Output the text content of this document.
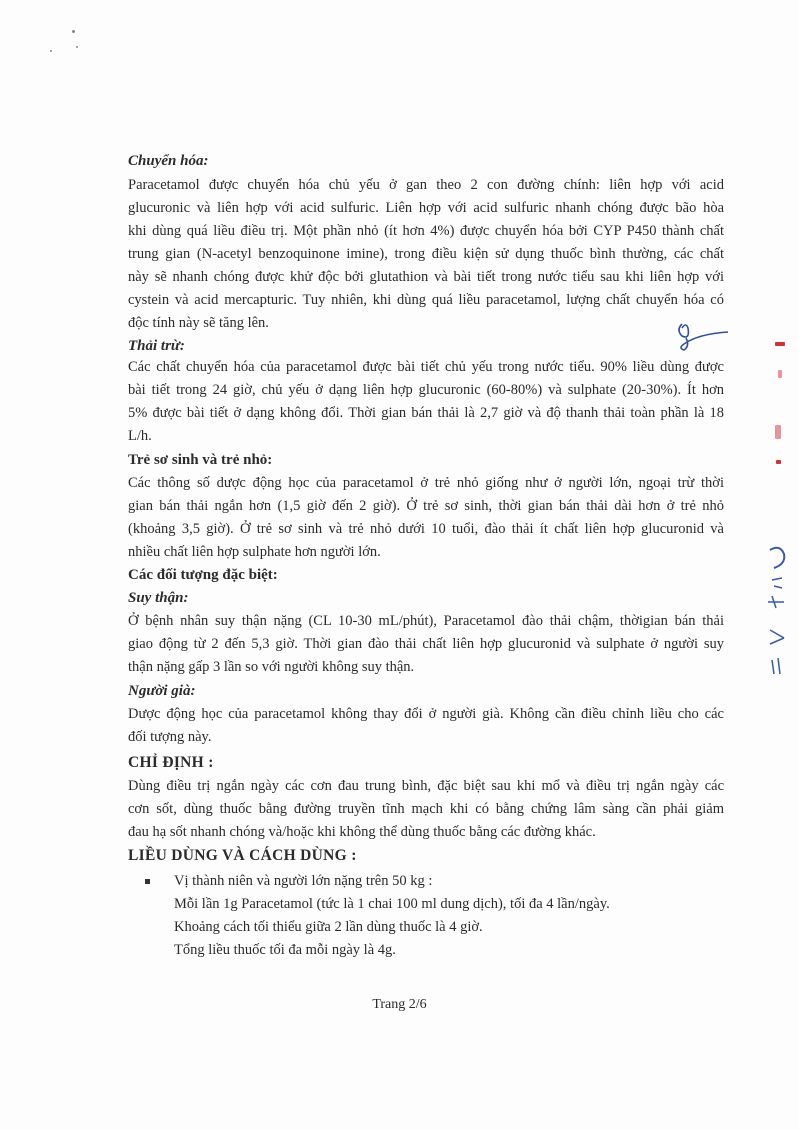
Chuyển hóa:

Paracetamol được chuyển hóa chủ yếu ở gan theo 2 con đường chính: liên hợp với acid
glucuronic và liên hợp với acid sulfuric. Liên hợp với acid sulfuric nhanh chóng được bão hòa
khi dùng quá liều điều trị. Một phần nhỏ (ít hơn 4%) được chuyển hóa bởi CYP P450 thành chất
trung gian (N-acetyl benzoquinone imine), trong điều kiện sử dụng thuốc bình thường, các chất
này sẽ nhanh chóng được khử độc bởi glutathion và bài tiết trong nước tiểu sau khi liên hợp với
cystein và acid mercapturic. Tuy nhiên, khi dùng quá liều paracetamol, lượng chất chuyển hóa có
độc tính này sẽ tăng lên.

Thải trừ:

Các chất chuyển hóa của paracetamol được bài tiết chủ yếu trong nước tiểu. 90% liều dùng được
bài tiết trong 24 giờ, chủ yếu ở dạng liên hợp glucuronic (60-80%) và sulphate (20-30%). Ít hơn
5% được bài tiết ở dạng không đổi. Thời gian bán thải là 2,7 giờ và độ thanh thải toàn phần là 18
L/h.

Trẻ sơ sinh và trẻ nhỏ:

Các thông số dược động học của paracetamol ở trẻ nhỏ giống như ở người lớn, ngoại trừ thời
gian bán thải ngắn hơn (1,5 giờ đến 2 giờ). Ở trẻ sơ sinh, thời gian bán thải dài hơn ở trẻ nhỏ
(khoảng 3,5 giờ). Ở trẻ sơ sinh và trẻ nhỏ dưới 10 tuổi, đào thải ít chất liên hợp glucuronid và
nhiều chất liên hợp sulphate hơn người lớn.

Các đối tượng đặc biệt:

Suy thận:

Ở bệnh nhân suy thận nặng (CL 10-30 mL/phút), Paracetamol đào thải chậm, thờigian bán thải
giao động từ 2 đến 5,3 giờ. Thời gian đào thải chất liên hợp glucuronid và sulphate ở người suy
thận nặng gấp 3 lần so với người không suy thận.

Người già:

Dược động học của paracetamol không thay đổi ở người già. Không cần điều chỉnh liều cho các
đối tượng này.

CHỈ ĐỊNH :

Dùng điều trị ngắn ngày các cơn đau trung bình, đặc biệt sau khi mổ và điều trị ngắn ngày các
cơn sốt, dùng thuốc bằng đường truyền tĩnh mạch khi có bằng chứng lâm sàng cần phải giảm
đau hạ sốt nhanh chóng và/hoặc khi không thể dùng thuốc bằng các đường khác.

LIỀU DÙNG VÀ CÁCH DÙNG :

Vị thành niên và người lớn nặng trên 50 kg :
Mỗi lần 1g Paracetamol (tức là 1 chai 100 ml dung dịch), tối đa 4 lần/ngày.
Khoảng cách tối thiểu giữa 2 lần dùng thuốc là 4 giờ.
Tổng liều thuốc tối đa mỗi ngày là 4g.
Trang 2/6
